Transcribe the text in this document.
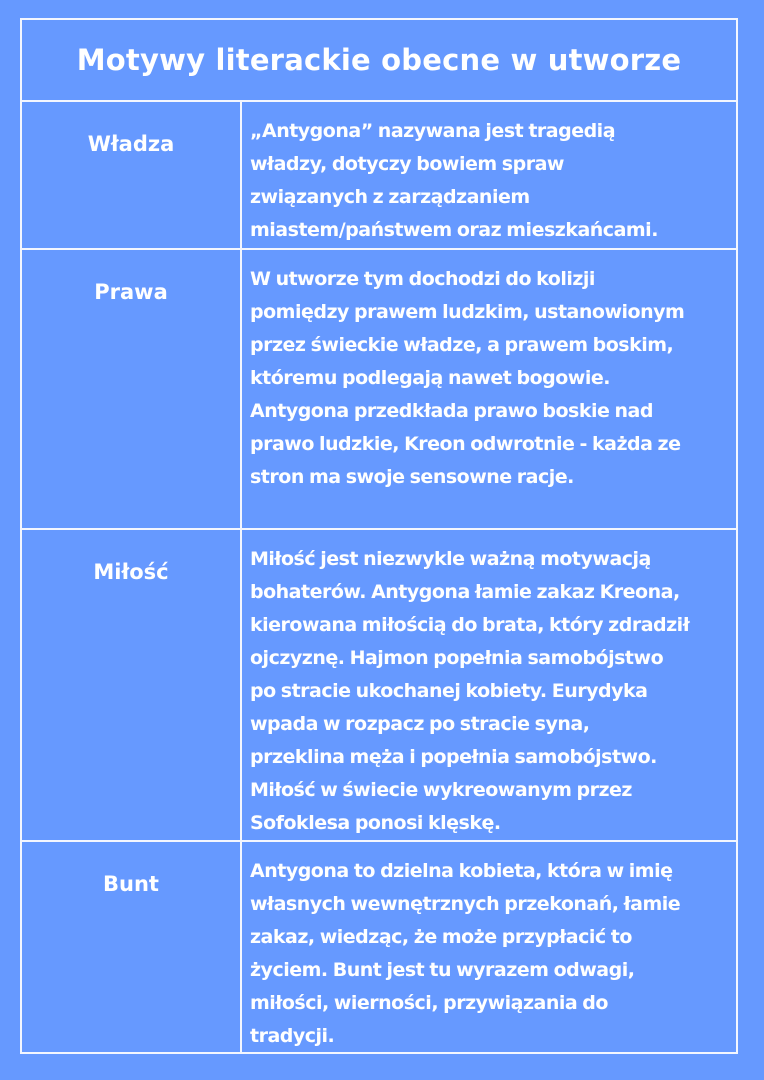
Motywy literackie obecne w utworze
Władza

„Antygona” nazywana jest tragedią
władzy, dotyczy bowiem spraw
związanych z zarządzaniem
miastem/państwem oraz mieszkańcami.

Prawa

W utworze tym dochodzi do kolizji
pomiędzy prawem ludzkim, ustanowionym
przez świeckie władze, a prawem boskim,
któremu podlegają nawet bogowie.
Antygona przedkłada prawo boskie nad
prawo ludzkie, Kreon odwrotnie - każda ze
stron ma swoje sensowne racje.

Miłość

Miłość jest niezwykle ważną motywacją
bohaterów. Antygona łamie zakaz Kreona,
kierowana miłością do brata, który zdradził
ojczyznę. Hajmon popełnia samobójstwo
po stracie ukochanej kobiety. Eurydyka
wpada w rozpacz po stracie syna,
przeklina męża i popełnia samobójstwo.
Miłość w świecie wykreowanym przez
Sofoklesa ponosi klęskę.

Bunt

Antygona to dzielna kobieta, która w imię
własnych wewnętrznych przekonań, łamie
zakaz, wiedząc, że może przypłacić to
życiem. Bunt jest tu wyrazem odwagi,
miłości, wierności, przywiązania do
tradycji.
